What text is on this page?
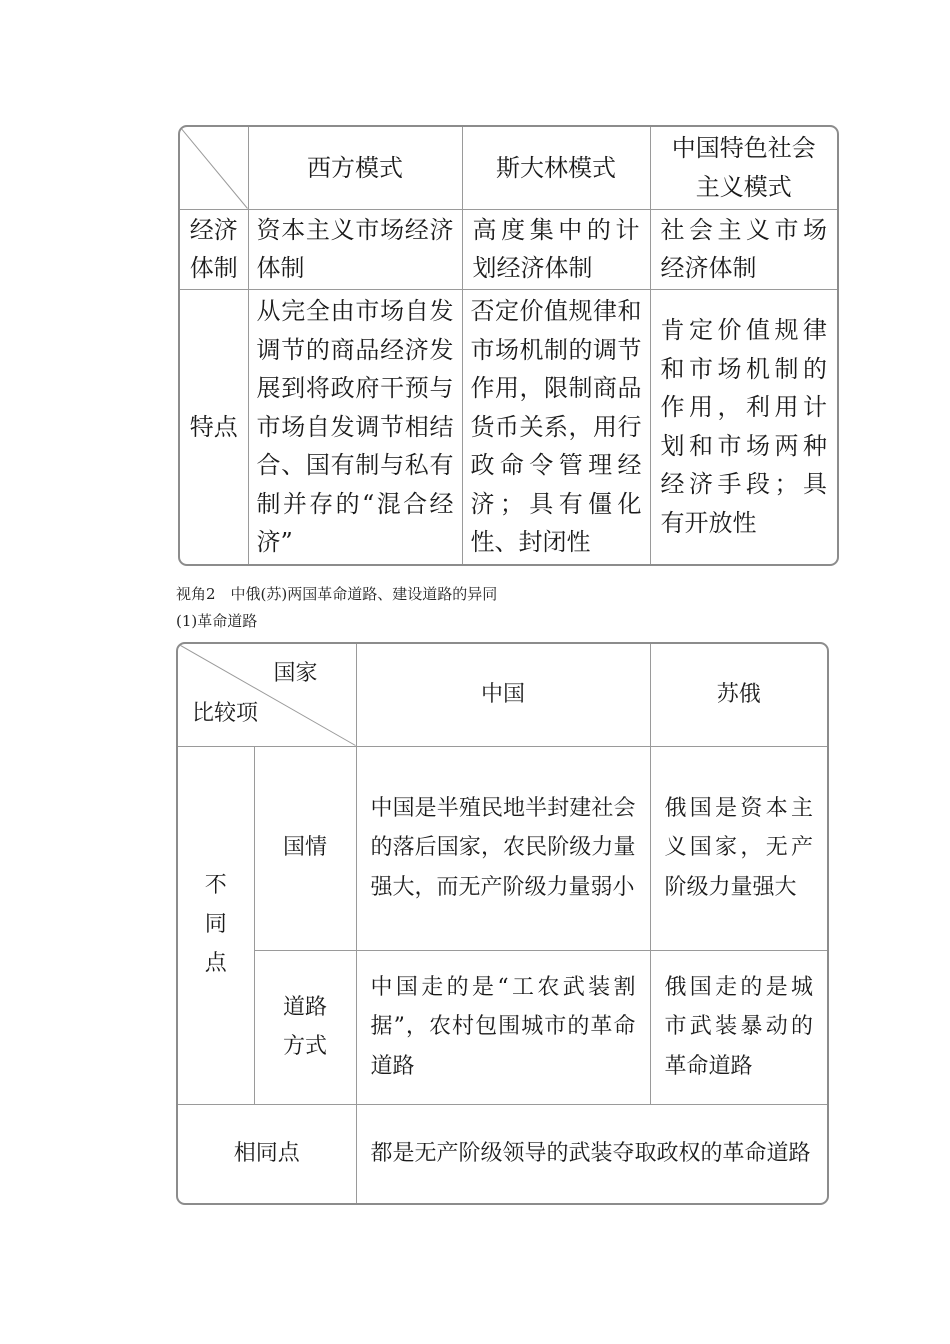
	西方模式	斯大林模式	中国特色社会主义模式
经济体制	资本主义市场经济体制	高度集中的计划经济体制	社会主义市场经济体制
特点	从完全由市场自发调节的商品经济发展到将政府干预与市场自发调节相结合、国有制与私有制并存的“混合经济”	否定价值规律和市场机制的调节作用，限制商品货币关系，用行政命令管理经济；具有僵化性、封闭性	肯定价值规律和市场机制的作用，利用计划和市场两种经济手段；具有开放性
视角2　中俄(苏)两国革命道路、建设道路的异同
(1)革命道路
国家
比较项		中国	苏俄
不同点	国情	中国是半殖民地半封建社会的落后国家，农民阶级力量强大，而无产阶级力量弱小	俄国是资本主义国家，无产阶级力量强大
	道路方式	中国走的是“工农武装割据”，农村包围城市的革命道路	俄国走的是城市武装暴动的革命道路
相同点		都是无产阶级领导的武装夺取政权的革命道路	
